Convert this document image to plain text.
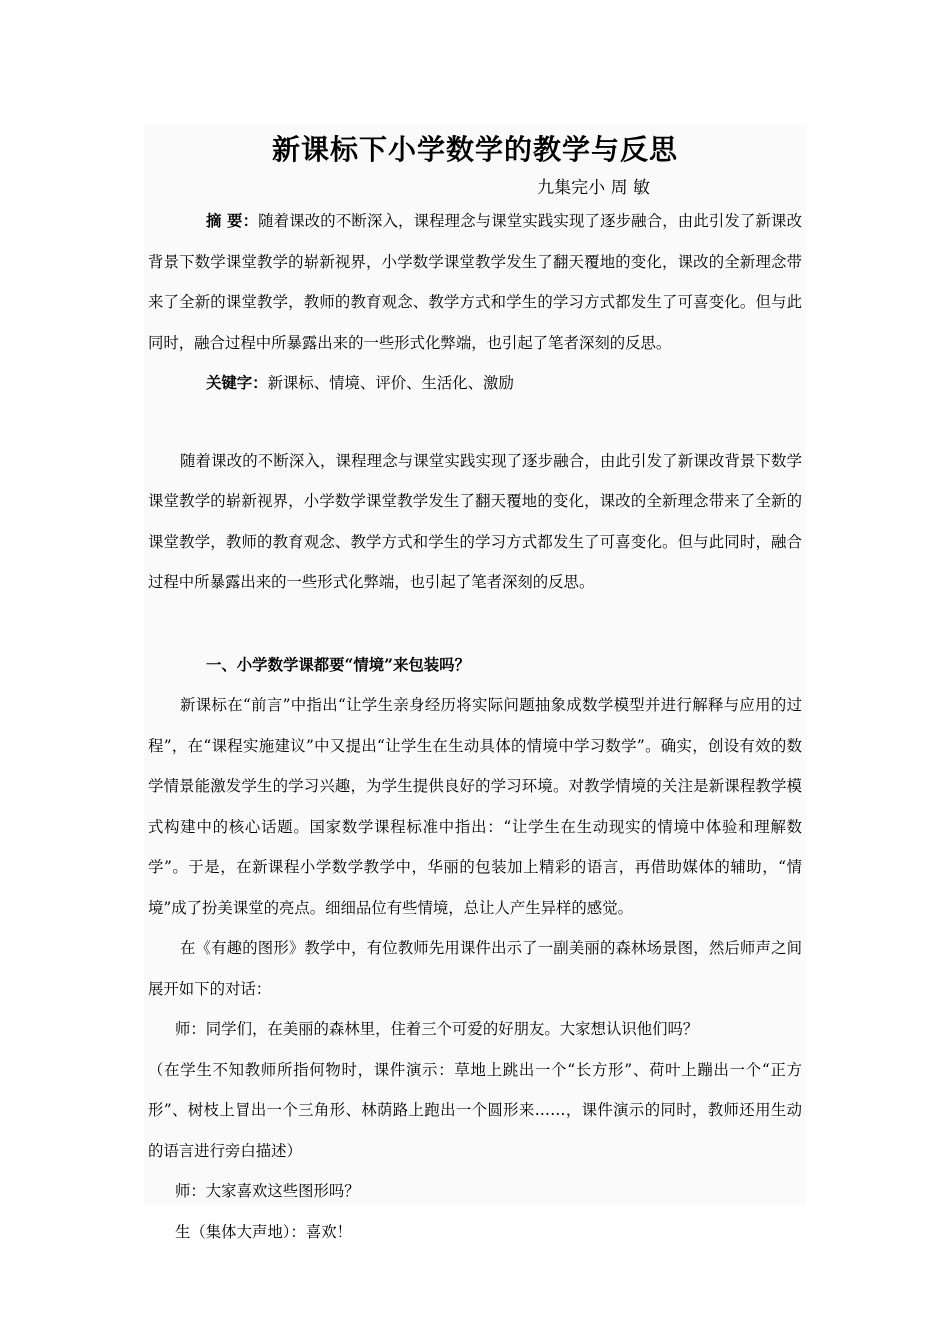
新课标下小学数学的教学与反思
九集完小 周 敏

摘 要：随着课改的不断深入，课程理念与课堂实践实现了逐步融合，由此引发了新课改背景下数学课堂教学的崭新视界，小学数学课堂教学发生了翻天覆地的变化，课改的全新理念带来了全新的课堂教学，教师的教育观念、教学方式和学生的学习方式都发生了可喜变化。但与此同时，融合过程中所暴露出来的一些形式化弊端，也引起了笔者深刻的反思。

关键字：新课标、情境、评价、生活化、激励

随着课改的不断深入，课程理念与课堂实践实现了逐步融合，由此引发了新课改背景下数学课堂教学的崭新视界，小学数学课堂教学发生了翻天覆地的变化，课改的全新理念带来了全新的课堂教学，教师的教育观念、教学方式和学生的学习方式都发生了可喜变化。但与此同时，融合过程中所暴露出来的一些形式化弊端，也引起了笔者深刻的反思。

一、小学数学课都要“情境”来包装吗？

新课标在“前言”中指出“让学生亲身经历将实际问题抽象成数学模型并进行解释与应用的过程”，在“课程实施建议”中又提出“让学生在生动具体的情境中学习数学”。确实，创设有效的数学情景能激发学生的学习兴趣，为学生提供良好的学习环境。对教学情境的关注是新课程教学模式构建中的核心话题。国家数学课程标准中指出：“让学生在生动现实的情境中体验和理解数学”。于是，在新课程小学数学教学中，华丽的包装加上精彩的语言，再借助媒体的辅助，“情境”成了扮美课堂的亮点。细细品位有些情境，总让人产生异样的感觉。

在《有趣的图形》教学中，有位教师先用课件出示了一副美丽的森林场景图，然后师声之间展开如下的对话：

师：同学们，在美丽的森林里，住着三个可爱的好朋友。大家想认识他们吗？

（在学生不知教师所指何物时，课件演示：草地上跳出一个“长方形”、荷叶上蹦出一个“正方形”、树枝上冒出一个三角形、林荫路上跑出一个圆形来……，课件演示的同时，教师还用生动的语言进行旁白描述）

师：大家喜欢这些图形吗？

生（集体大声地）：喜欢！
